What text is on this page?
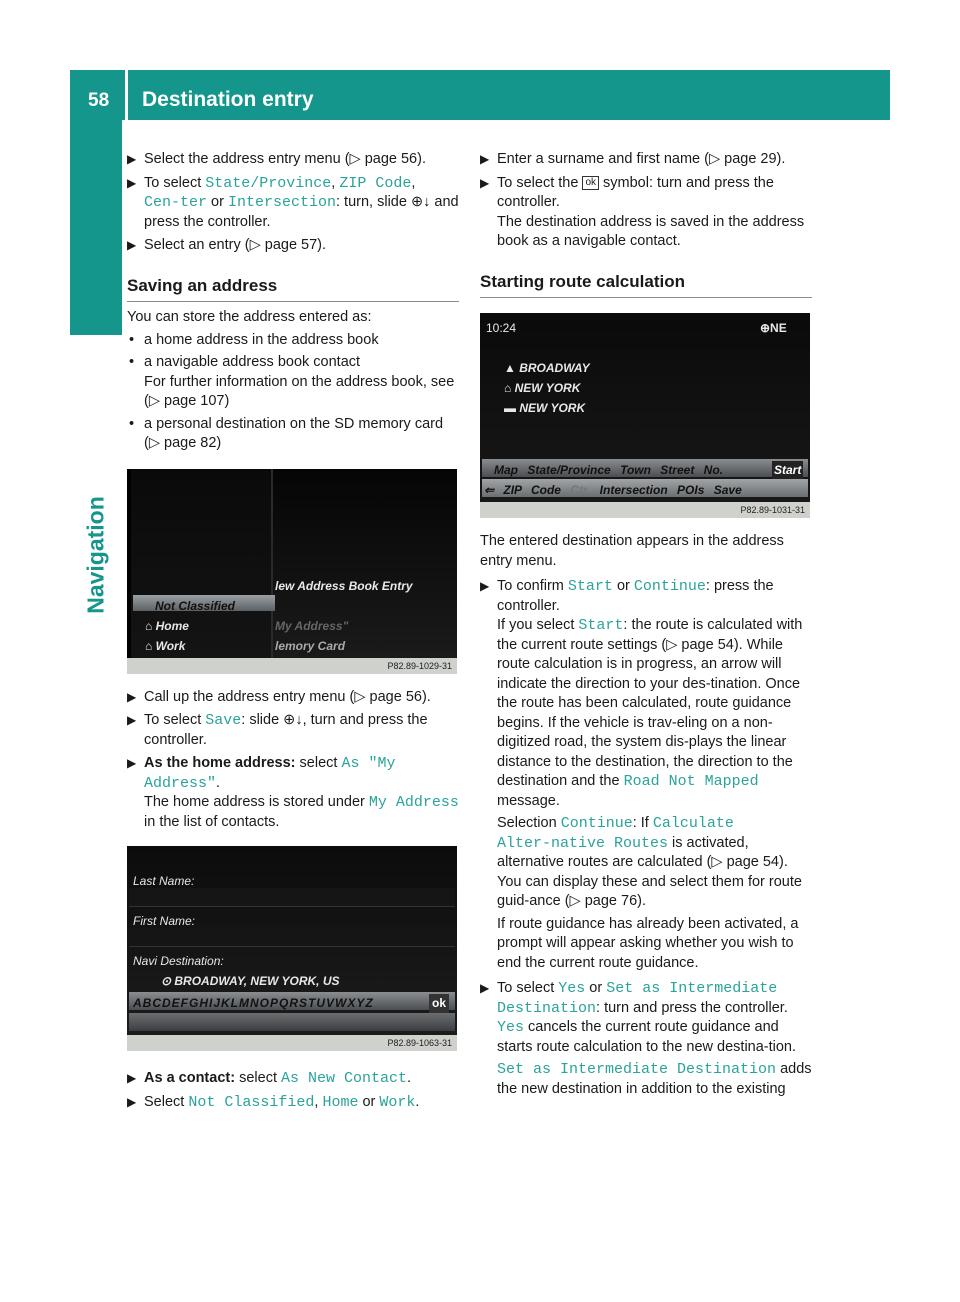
58 Destination entry
Navigation
▶ Select the address entry menu (▷ page 56).
▶ To select State/Province, ZIP Code, Cen‑ter or Intersection: turn, slide ⊕↓ and press the controller.
▶ Select an entry (▷ page 57).
Saving an address

You can store the address entered as:

• a home address in the address book
• a navigable address book contact
For further information on the address book, see (▷ page 107)
• a personal destination on the SD memory card (▷ page 82)
Not Classified
⌂ Home
⌂ Work
lew Address Book Entry
My Address"
lemory Card
P82.89-1029-31
▶ Call up the address entry menu (▷ page 56).
▶ To select Save: slide ⊕↓, turn and press the controller.
▶ As the home address: select As "My Address".
The home address is stored under My Address in the list of contacts.
Last Name:
First Name:
Navi Destination:
⊙ BROADWAY, NEW YORK, US
ABCDEFGHIJKLMNOPQRSTUVWXYZ	ok
P82.89-1063-31
▶ As a contact: select As New Contact.
▶ Select Not Classified, Home or Work.
▶ Enter a surname and first name (▷ page 29).
▶ To select the ok symbol: turn and press the controller.
The destination address is saved in the address book as a navigable contact.
Starting route calculation
10:24	⊕NE
▲ BROADWAY
⌂ NEW YORK
▬ NEW YORK
Map State/Province Town Street No.	Start
⇐ ZIP Code Ctr. Intersection POIs Save
P82.89-1031-31

The entered destination appears in the address entry menu.

▶ To confirm Start or Continue: press the controller.
If you select Start: the route is calculated with the current route settings (▷ page 54). While route calculation is in progress, an arrow will indicate the direction to your des‑tination. Once the route has been calculated, route guidance begins. If the vehicle is trav‑eling on a non-digitized road, the system dis‑plays the linear distance to the destination, the direction to the destination and the Road Not Mapped message.

Selection Continue: If Calculate Alter‑native Routes is activated, alternative routes are calculated (▷ page 54). You can display these and select them for route guid‑ance (▷ page 76).

If route guidance has already been activated, a prompt will appear asking whether you wish to end the current route guidance.

▶ To select Yes or Set as Intermediate Destination: turn and press the controller.
Yes cancels the current route guidance and starts route calculation to the new destina‑tion.

Set as Intermediate Destination adds the new destination in addition to the existing
